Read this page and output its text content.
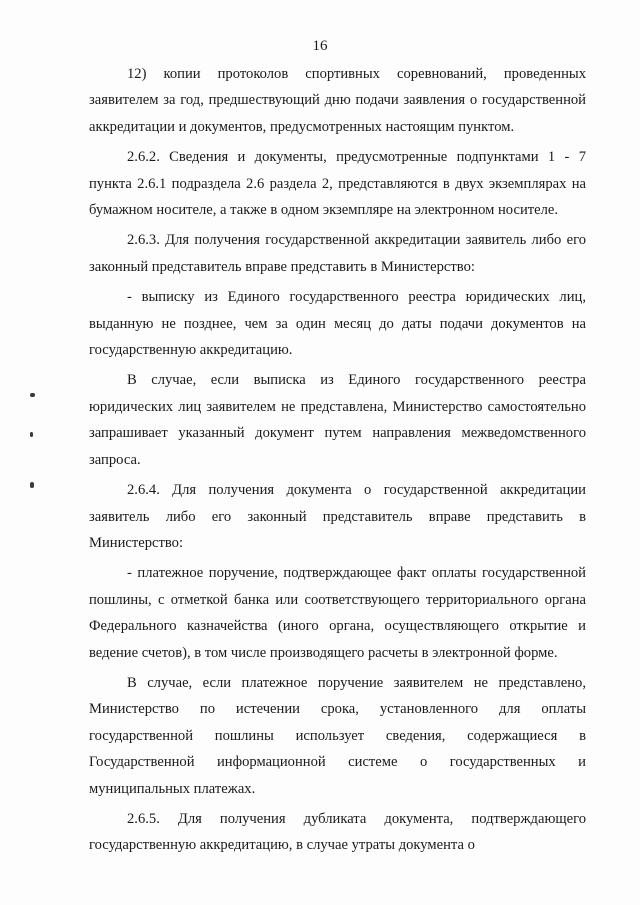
16

12) копии протоколов спортивных соревнований, проведенных заявителем за год, предшествующий дню подачи заявления о государственной аккредитации и документов, предусмотренных настоящим пунктом.

2.6.2. Сведения и документы, предусмотренные подпунктами 1 - 7 пункта 2.6.1 подраздела 2.6 раздела 2, представляются в двух экземплярах на бумажном носителе, а также в одном экземпляре на электронном носителе.

2.6.3. Для получения государственной аккредитации заявитель либо его законный представитель вправе представить в Министерство:

- выписку из Единого государственного реестра юридических лиц, выданную не позднее, чем за один месяц до даты подачи документов на государственную аккредитацию.

В случае, если выписка из Единого государственного реестра юридических лиц заявителем не представлена, Министерство самостоятельно запрашивает указанный документ путем направления межведомственного запроса.

2.6.4. Для получения документа о государственной аккредитации заявитель либо его законный представитель вправе представить в Министерство:

- платежное поручение, подтверждающее факт оплаты государственной пошлины, с отметкой банка или соответствующего территориального органа Федерального казначейства (иного органа, осуществляющего открытие и ведение счетов), в том числе производящего расчеты в электронной форме.

В случае, если платежное поручение заявителем не представлено, Министерство по истечении срока, установленного для оплаты государственной пошлины использует сведения, содержащиеся в Государственной информационной системе о государственных и муниципальных платежах.

2.6.5. Для получения дубликата документа, подтверждающего государственную аккредитацию, в случае утраты документа о
